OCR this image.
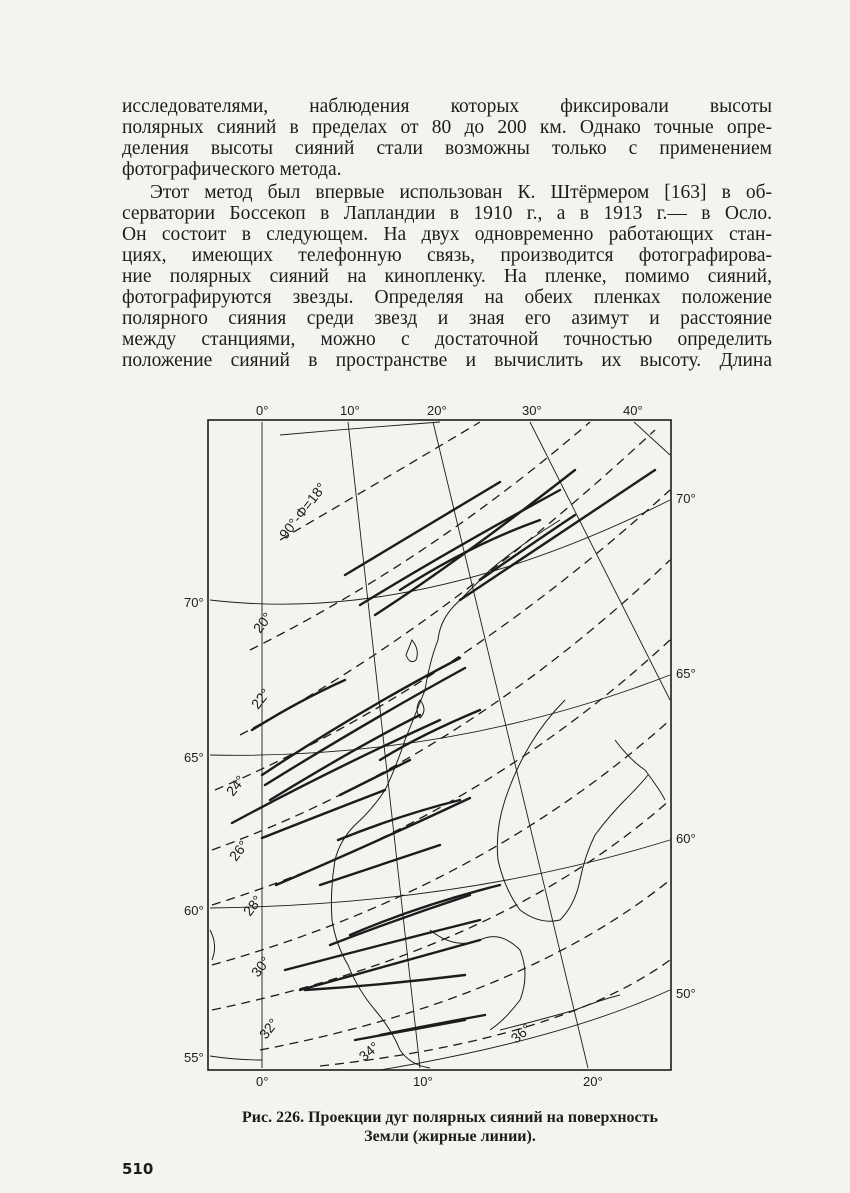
исследователями, наблюдения которых фиксировали высоты
полярных сияний в пределах от 80 до 200 км. Однако точные опре-
деления высоты сияний стали возможны только с применением
фотографического метода.
Этот метод был впервые использован К. Штёрмером [163] в об-
серватории Боссекоп в Лапландии в 1910 г., а в 1913 г.— в Осло.
Он состоит в следующем. На двух одновременно работающих стан-
циях, имеющих телефонную связь, производится фотографирова-
ние полярных сияний на кинопленку. На пленке, помимо сияний,
фотографируются звезды. Определяя на обеих пленках положение
полярного сияния среди звезд и зная его азимут и расстояние
между станциями, можно с достаточной точностью определить
положение сияний в пространстве и вычислить их высоту. Длина
0°	10°	20°	30°	40°
0°	10°	20°
70°
65°
60°
55°
70°
65°
60°
50°
90°-Φ=18°
20°
22°
24°
26°
28°
30°
32°
34°
36°
Рис. 226. Проекции дуг полярных сияний на поверхность
Земли (жирные линии).
510
